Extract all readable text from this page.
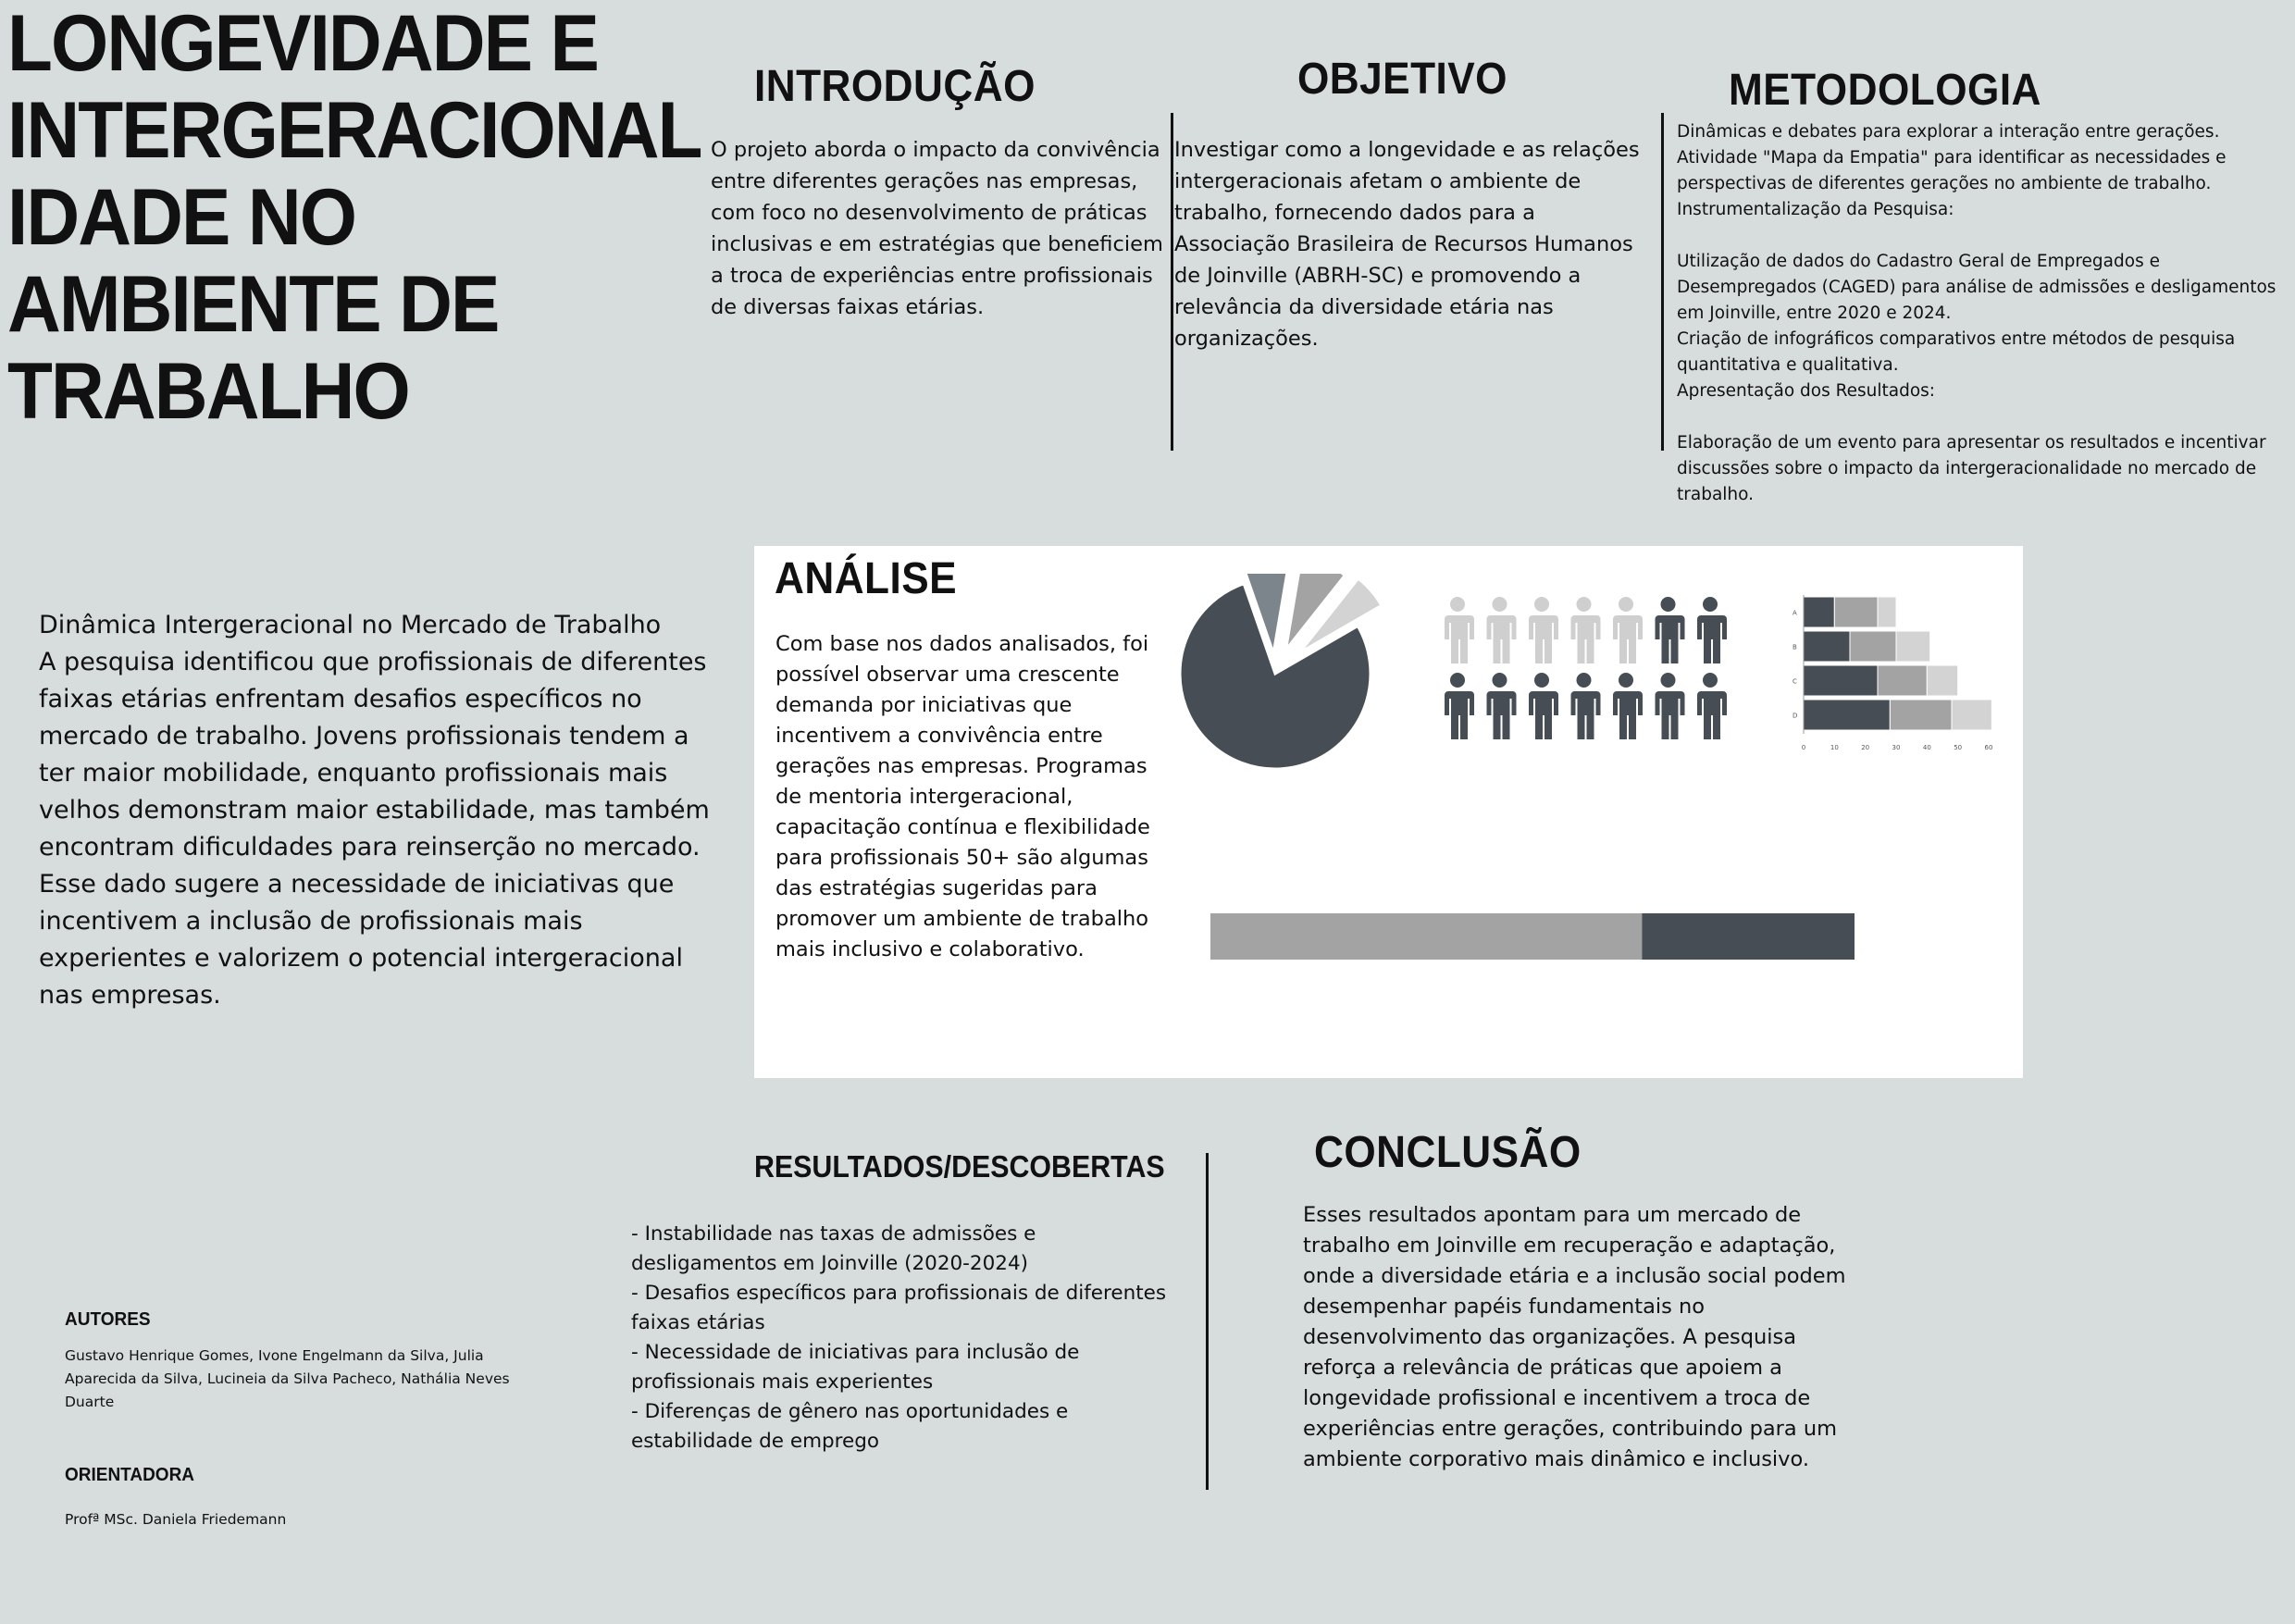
LONGEVIDADE E INTERGERACIONAL IDADE NO AMBIENTE DE TRABALHO
INTRODUÇÃO
O projeto aborda o impacto da convivência entre diferentes gerações nas empresas, com foco no desenvolvimento de práticas inclusivas e em estratégias que beneficiem a troca de experiências entre profissionais de diversas faixas etárias.
OBJETIVO
Investigar como a longevidade e as relações intergeracionais afetam o ambiente de trabalho, fornecendo dados para a Associação Brasileira de Recursos Humanos de Joinville (ABRH-SC) e promovendo a relevância da diversidade etária nas organizações.
METODOLOGIA
Dinâmicas e debates para explorar a interação entre gerações.
Atividade "Mapa da Empatia" para identificar as necessidades e perspectivas de diferentes gerações no ambiente de trabalho.
Instrumentalização da Pesquisa:
Utilização de dados do Cadastro Geral de Empregados e Desempregados (CAGED) para análise de admissões e desligamentos em Joinville, entre 2020 e 2024.
Criação de infográficos comparativos entre métodos de pesquisa quantitativa e qualitativa.
Apresentação dos Resultados:
Elaboração de um evento para apresentar os resultados e incentivar discussões sobre o impacto da intergeracionalidade no mercado de trabalho.
Dinâmica Intergeracional no Mercado de Trabalho
A pesquisa identificou que profissionais de diferentes faixas etárias enfrentam desafios específicos no mercado de trabalho. Jovens profissionais tendem a ter maior mobilidade, enquanto profissionais mais velhos demonstram maior estabilidade, mas também encontram dificuldades para reinserção no mercado. Esse dado sugere a necessidade de iniciativas que incentivem a inclusão de profissionais mais experientes e valorizem o potencial intergeracional nas empresas.
ANÁLISE
Com base nos dados analisados, foi possível observar uma crescente demanda por iniciativas que incentivem a convivência entre gerações nas empresas. Programas de mentoria intergeracional, capacitação contínua e flexibilidade para profissionais 50+ são algumas das estratégias sugeridas para promover um ambiente de trabalho mais inclusivo e colaborativo.
A
B
C
D
0	10	20	30	40	50	60
RESULTADOS/DESCOBERTAS
- Instabilidade nas taxas de admissões e desligamentos em Joinville (2020-2024)
- Desafios específicos para profissionais de diferentes faixas etárias
- Necessidade de iniciativas para inclusão de profissionais mais experientes
- Diferenças de gênero nas oportunidades e estabilidade de emprego
CONCLUSÃO
Esses resultados apontam para um mercado de trabalho em Joinville em recuperação e adaptação, onde a diversidade etária e a inclusão social podem desempenhar papéis fundamentais no desenvolvimento das organizações. A pesquisa reforça a relevância de práticas que apoiem a longevidade profissional e incentivem a troca de experiências entre gerações, contribuindo para um ambiente corporativo mais dinâmico e inclusivo.
AUTORES
Gustavo Henrique Gomes, Ivone Engelmann da Silva, Julia Aparecida da Silva, Lucineia da Silva Pacheco, Nathália Neves Duarte
ORIENTADORA
Profª MSc. Daniela Friedemann
